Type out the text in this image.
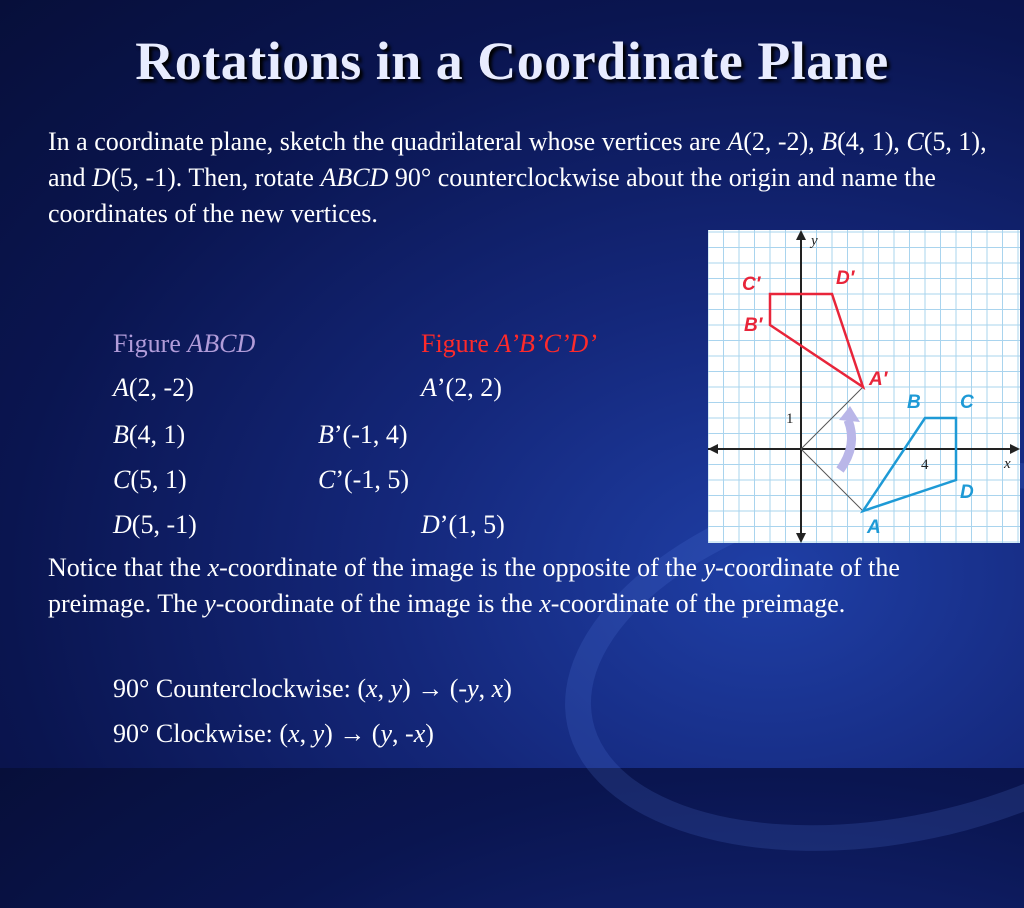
Rotations in a Coordinate Plane
In a coordinate plane, sketch the quadrilateral whose vertices are A(2, -2), B(4, 1), C(5, 1), and D(5, -1). Then, rotate ABCD 90° counterclockwise about the origin and name the coordinates of the new vertices.
Figure ABCD	Figure A’B’C’D’
A(2, -2)	A’(2, 2)
B(4, 1)	B’(-1, 4)
C(5, 1)	C’(-1, 5)
D(5, -1)	D’(1, 5)
Notice that the x-coordinate of the image is the opposite of the y-coordinate of the preimage. The y-coordinate of the image is the x-coordinate of the preimage.
90° Counterclockwise: (x, y) → (-y, x)
90° Clockwise: (x, y) → (y, -x)
x
y
4
1
A
B C
D
A′
B′
C′	D′
